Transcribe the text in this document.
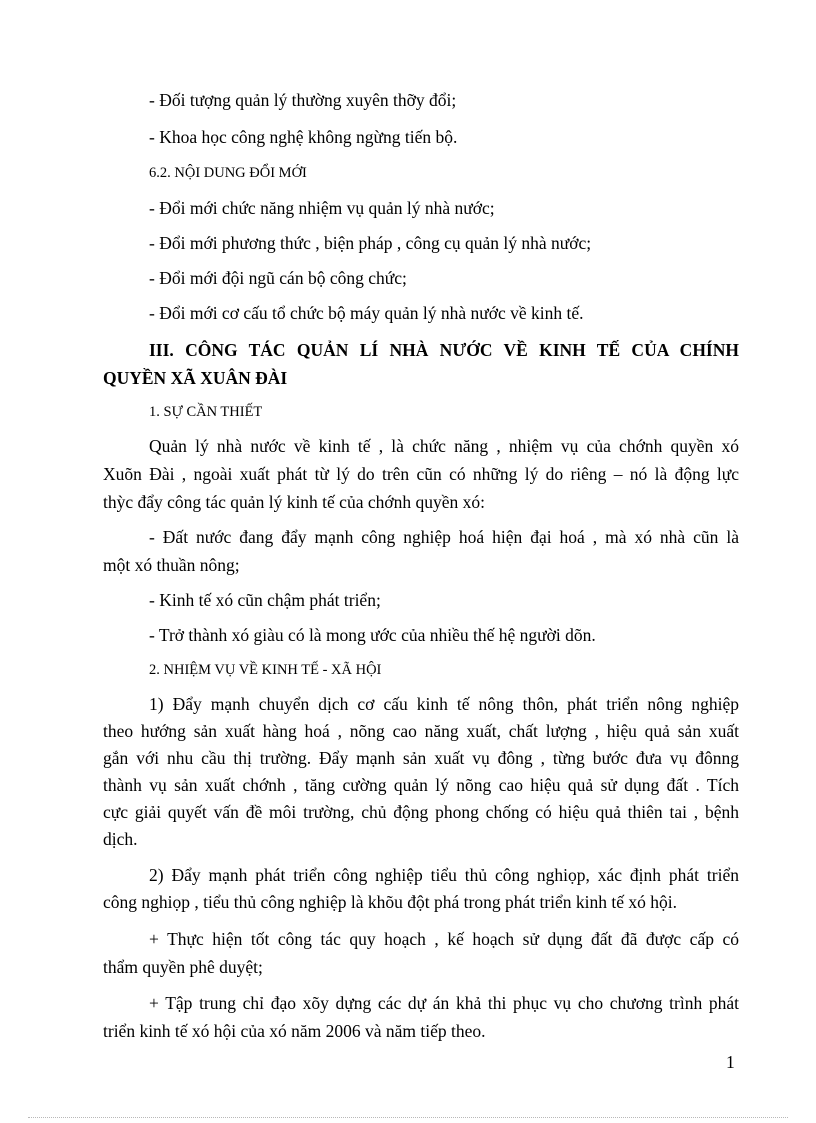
- Đối tượng quản lý thường xuyên thỡy đổi;
- Khoa học công nghệ không ngừng tiến bộ.
6.2. NỘI DUNG ĐỔI MỚI
- Đổi mới chức năng nhiệm vụ quản lý nhà nước;
- Đổi mới phương thức , biện pháp , công cụ quản lý nhà nước;
- Đổi mới đội ngũ cán bộ công chức;
- Đổi mới cơ cấu tổ chức bộ máy quản lý nhà nước về kinh tế.
III. CÔNG TÁC QUẢN LÍ NHÀ NƯỚC VỀ KINH TẾ CỦA CHÍNH
QUYỀN XÃ XUÂN ĐÀI
1. SỰ CẦN THIẾT
Quản lý nhà nước về kinh tế , là chức năng , nhiệm vụ của chớnh quyền xó
Xuõn Đài , ngoài xuất phát từ lý do trên cũn có những lý do riêng – nó là động lực
thỳc đẩy công tác quản lý kinh tế của chớnh quyền xó:
- Đất nước đang đẩy mạnh công nghiệp hoá hiện đại hoá , mà xó nhà cũn là
một xó thuần nông;
- Kinh tế xó cũn chậm phát triển;
- Trở thành xó giàu có là mong ước của nhiều thế hệ người dõn.
2. NHIỆM VỤ VỀ KINH TẾ - XÃ HỘI
1) Đẩy mạnh chuyển dịch cơ cấu kinh tế nông thôn, phát triển nông nghiệp
theo hướng sản xuất hàng hoá , nõng cao năng xuất, chất lượng , hiệu quả sản xuất
gắn với nhu cầu thị trường. Đẩy mạnh sản xuất vụ đông , từng bước đưa vụ đônng
thành vụ sản xuất chớnh , tăng cường quản lý nõng cao hiệu quả sử dụng đất . Tích
cực giải quyết vấn đề môi trường, chủ động phong chống có hiệu quả thiên tai , bệnh
dịch.
2) Đẩy mạnh phát triển công nghiệp tiểu thủ công nghiọp, xác định phát triển
công nghiọp , tiểu thủ công nghiệp là khõu đột phá trong phát triển kinh tế xó hội.
+ Thực hiện tốt công tác quy hoạch , kế hoạch sử dụng đất đã được cấp có
thẩm quyền phê duyệt;
+ Tập trung chỉ đạo xõy dựng các dự án khả thi phục vụ cho chương trình phát
triển kinh tế xó hội của xó năm 2006 và năm tiếp theo.
1
